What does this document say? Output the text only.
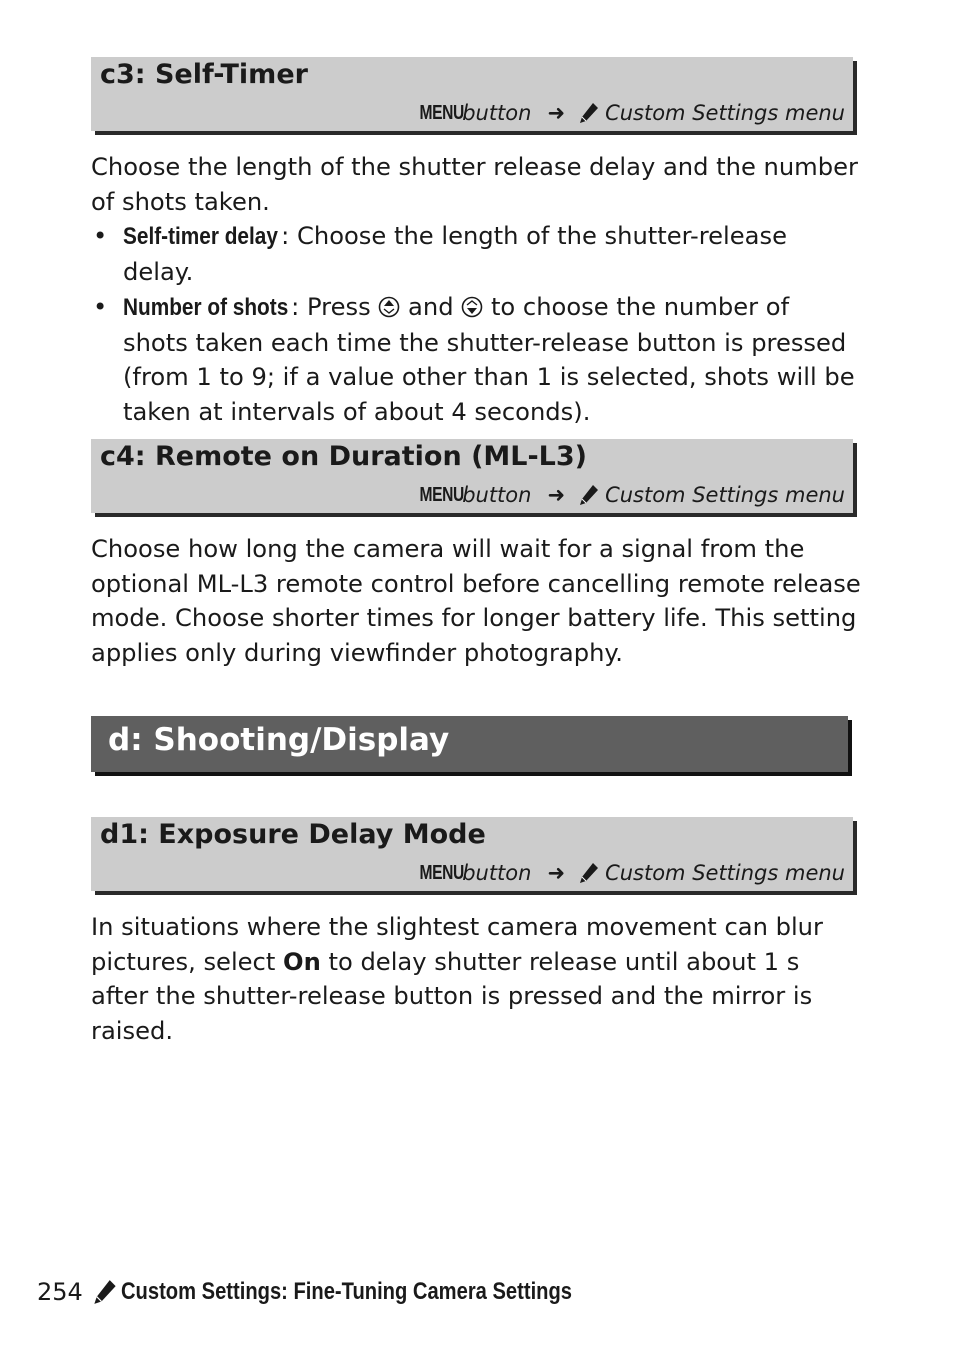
c3: Self-Timer
MENU
button ➜ Custom Settings menu

Choose the length of the shutter release delay and the number of shots taken.

• Self-timer delay : Choose the length of the shutter-release delay.
• Number of shots : Press  and  to choose the number of shots taken each time the shutter-release button is pressed (from 1 to 9; if a value other than 1 is selected, shots will be taken at intervals of about 4 seconds).
c4: Remote on Duration (ML-L3)
MENU
button ➜ Custom Settings menu

Choose how long the camera will wait for a signal from the optional ML-L3 remote control before cancelling remote release mode. Choose shorter times for longer battery life. This setting applies only during viewfinder photography.

d: Shooting/Display
d1: Exposure Delay Mode
MENU
button ➜ Custom Settings menu

In situations where the slightest camera movement can blur pictures, select On to delay shutter release until about 1 s after the shutter-release button is pressed and the mirror is raised.

254 Custom Settings: Fine-Tuning Camera Settings
